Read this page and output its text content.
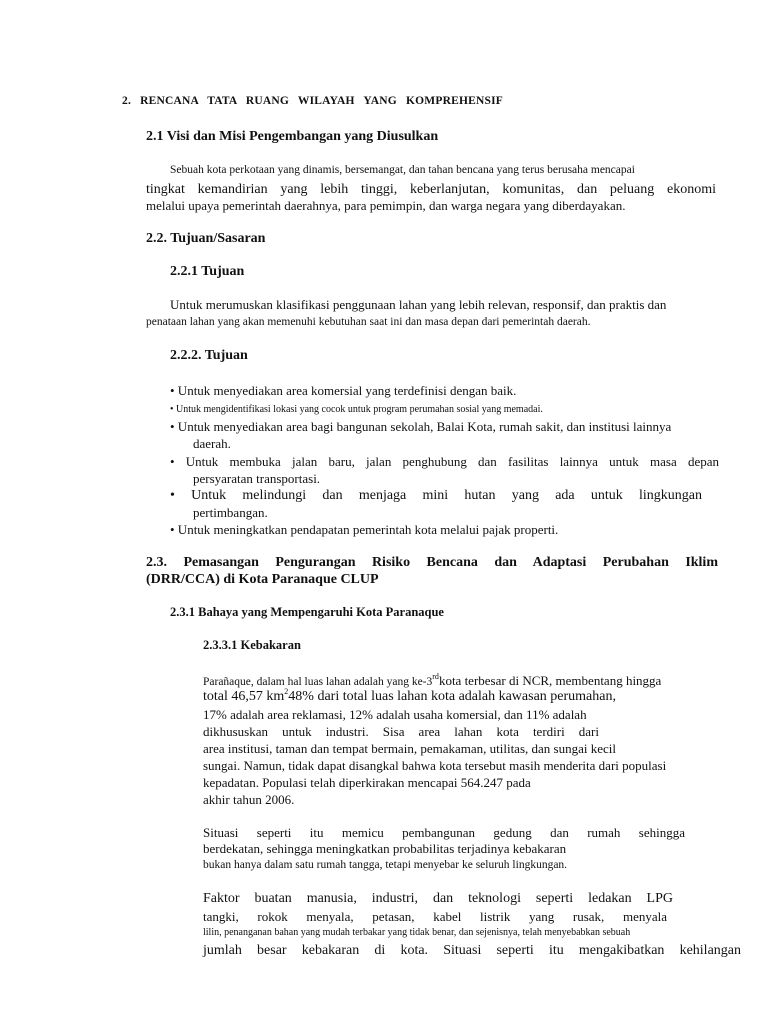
2. RENCANA TATA RUANG WILAYAH YANG KOMPREHENSIF
2.1 Visi dan Misi Pengembangan yang Diusulkan
Sebuah kota perkotaan yang dinamis, bersemangat, dan tahan bencana yang terus berusaha mencapai
tingkat kemandirian yang lebih tinggi, keberlanjutan, komunitas, dan peluang ekonomi
melalui upaya pemerintah daerahnya, para pemimpin, dan warga negara yang diberdayakan.
2.2. Tujuan/Sasaran
2.2.1 Tujuan
Untuk merumuskan klasifikasi penggunaan lahan yang lebih relevan, responsif, dan praktis dan
penataan lahan yang akan memenuhi kebutuhan saat ini dan masa depan dari pemerintah daerah.
2.2.2. Tujuan
• Untuk menyediakan area komersial yang terdefinisi dengan baik.
• Untuk mengidentifikasi lokasi yang cocok untuk program perumahan sosial yang memadai.
• Untuk menyediakan area bagi bangunan sekolah, Balai Kota, rumah sakit, dan institusi lainnya
daerah.
• Untuk membuka jalan baru, jalan penghubung dan fasilitas lainnya untuk masa depan
persyaratan transportasi.
• Untuk melindungi dan menjaga mini hutan yang ada untuk lingkungan
pertimbangan.
• Untuk meningkatkan pendapatan pemerintah kota melalui pajak properti.
2.3. Pemasangan Pengurangan Risiko Bencana dan Adaptasi Perubahan Iklim
(DRR/CCA) di Kota Paranaque CLUP
2.3.1 Bahaya yang Mempengaruhi Kota Paranaque
2.3.3.1 Kebakaran
Parañaque, dalam hal luas lahan adalah yang ke-3rdkota terbesar di NCR, membentang hingga
total 46,57 $km^248\%$ dari total luas lahan kota adalah kawasan perumahan,
17% adalah area reklamasi, 12% adalah usaha komersial, dan 11% adalah
dikhususkan untuk industri. Sisa area lahan kota terdiri dari
area institusi, taman dan tempat bermain, pemakaman, utilitas, dan sungai kecil
sungai. Namun, tidak dapat disangkal bahwa kota tersebut masih menderita dari populasi
kepadatan. Populasi telah diperkirakan mencapai 564.247 pada
akhir tahun 2006.
Situasi seperti itu memicu pembangunan gedung dan rumah sehingga
berdekatan, sehingga meningkatkan probabilitas terjadinya kebakaran
bukan hanya dalam satu rumah tangga, tetapi menyebar ke seluruh lingkungan.
Faktor buatan manusia, industri, dan teknologi seperti ledakan LPG
tangki, rokok menyala, petasan, kabel listrik yang rusak, menyala
lilin, penanganan bahan yang mudah terbakar yang tidak benar, dan sejenisnya, telah menyebabkan sebuah
jumlah besar kebakaran di kota. Situasi seperti itu mengakibatkan kehilangan
